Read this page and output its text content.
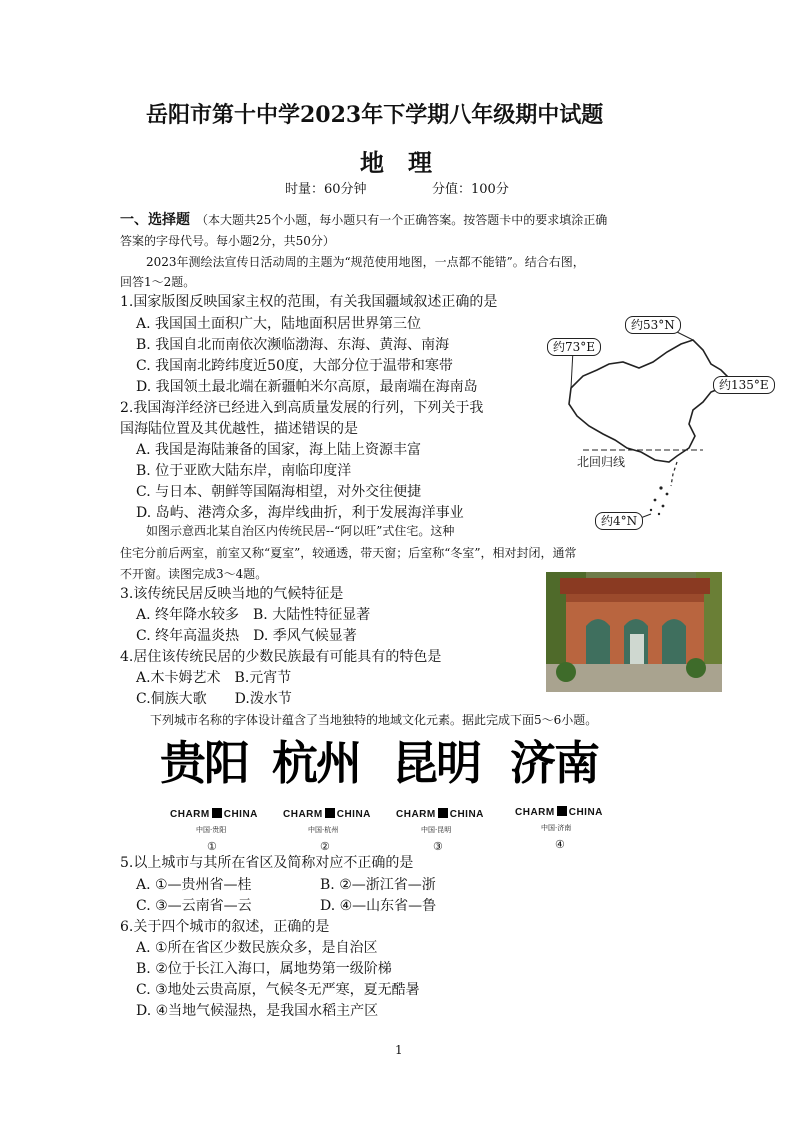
岳阳市第十中学2023年下学期八年级期中试题
地　理
时量：60分钟	分值：100分
一、选择题 （本大题共25个小题，每小题只有一个正确答案。按答题卡中的要求填涂正确
答案的字母代号。每小题2分，共50分）
2023年测绘法宣传日活动周的主题为“规范使用地图，一点都不能错”。结合右图，
回答1～2题。
1.国家版图反映国家主权的范围，有关我国疆域叙述正确的是
A. 我国国土面积广大，陆地面积居世界第三位
B. 我国自北而南依次濒临渤海、东海、黄海、南海
C. 我国南北跨纬度近50度，大部分位于温带和寒带
D. 我国领土最北端在新疆帕米尔高原，最南端在海南岛
2.我国海洋经济已经进入到高质量发展的行列，下列关于我
国海陆位置及其优越性，描述错误的是
A. 我国是海陆兼备的国家，海上陆上资源丰富
B. 位于亚欧大陆东岸，南临印度洋
C. 与日本、朝鲜等国隔海相望，对外交往便捷
D. 岛屿、港湾众多，海岸线曲折，利于发展海洋事业
约53°N
约73°E
约135°E
北回归线
约4°N
如图示意西北某自治区内传统民居--“阿以旺”式住宅。这种
住宅分前后两室，前室又称“夏室”，较通透，带天窗；后室称“冬室”，相对封闭，通常
不开窗。读图完成3～4题。
3.该传统民居反映当地的气候特征是
A. 终年降水较多　B. 大陆性特征显著
C. 终年高温炎热　D. 季风气候显著
4.居住该传统民居的少数民族最有可能具有的特色是
A.木卡姆艺术　B.元宵节
C.侗族大歌　　D.泼水节
下列城市名称的字体设计蕴含了当地独特的地域文化元素。据此完成下面5～6小题。
贵阳 杭州 昆明 济南
CHARM CHINA	CHARM CHINA	CHARM CHINA	CHARM CHINA
中国·贵阳	中国·杭州	中国·昆明	中国·济南
①	②	③	④
5.以上城市与其所在省区及简称对应不正确的是
A. ①—贵州省—桂	B. ②—浙江省—浙
C. ③—云南省—云	D. ④—山东省—鲁
6.关于四个城市的叙述，正确的是
A. ①所在省区少数民族众多，是自治区
B. ②位于长江入海口，属地势第一级阶梯
C. ③地处云贵高原，气候冬无严寒，夏无酷暑
D. ④当地气候湿热，是我国水稻主产区
1
